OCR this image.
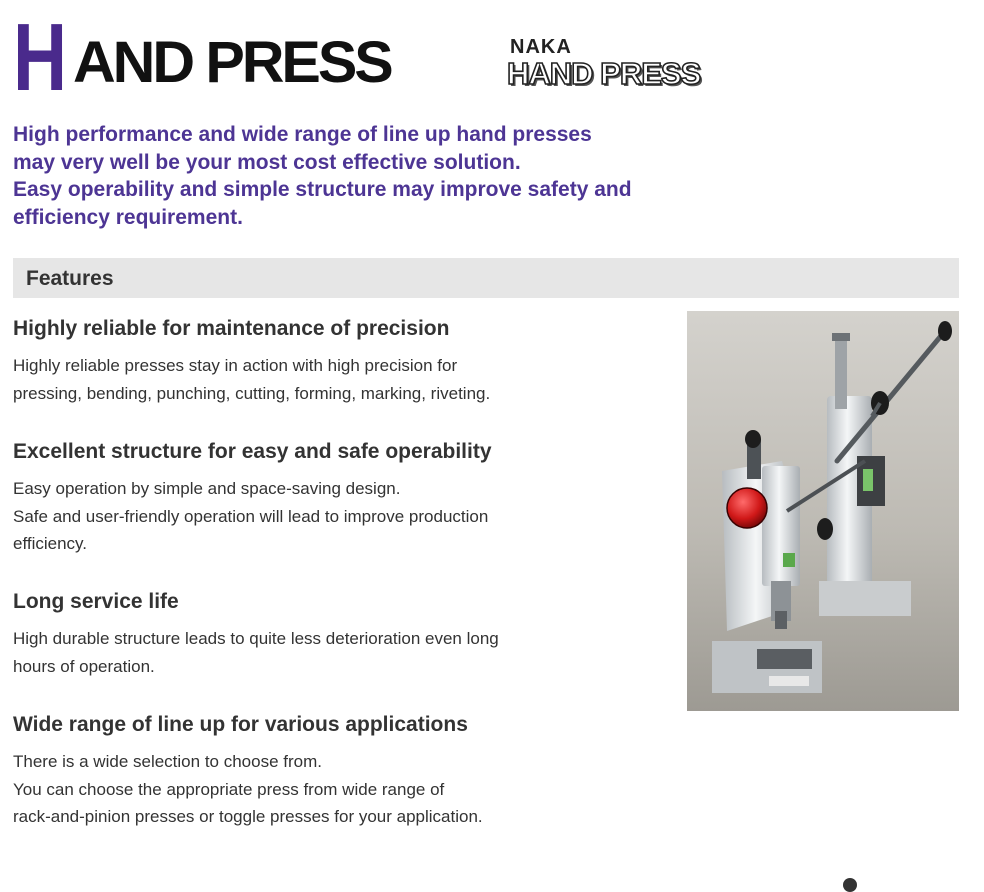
H AND PRESS	NAKA
HAND PRESS

High performance and wide range of line up hand presses

may very well be your most cost effective solution.

Easy operability and simple structure may improve safety and

efficiency requirement.

Features
Highly reliable for maintenance of precision

Highly reliable presses stay in action with high precision for

pressing, bending, punching, cutting, forming, marking, riveting.

Excellent structure for easy and safe operability

Easy operation by simple and space-saving design.

Safe and user-friendly operation will lead to improve production

efficiency.

Long service life

High durable structure leads to quite less deterioration even long

hours of operation.

Wide range of line up for various applications

There is a wide selection to choose from.

You can choose the appropriate press from wide range of

rack-and-pinion presses or toggle presses for your application.
